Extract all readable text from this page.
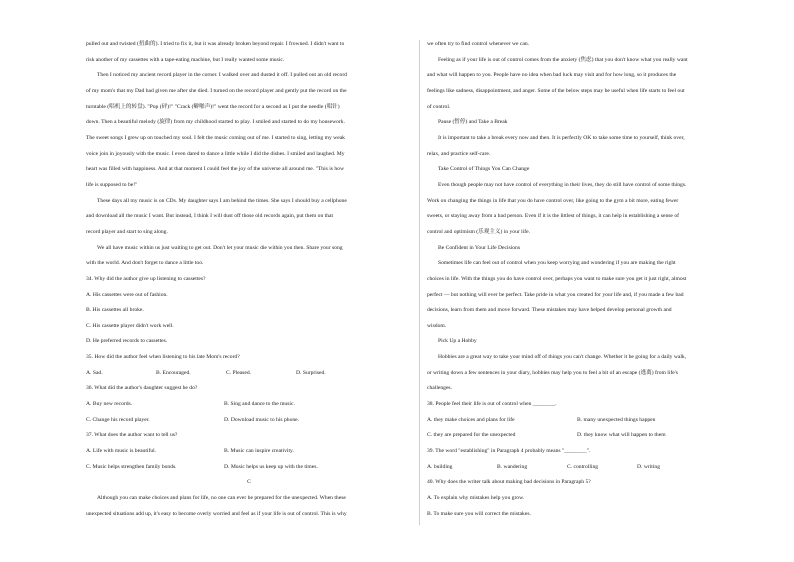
pulled out and twisted (扭曲的). I tried to fix it, but it was already broken beyond repair. I frowned. I didn't want to

risk another of my cassettes with a tape-eating machine, but I really wanted some music.

Then I noticed my ancient record player in the corner. I walked over and dusted it off. I pulled out an old record

of my mom's that my Dad had given me after she died. I turned on the record player and gently put the record on the

turntable (唱机上的转盘). "Pop (砰)!" "Crack (噼啪声)!" went the record for a second as I put the needle (唱针)

down. Then a beautiful melody (旋律) from my childhood started to play. I smiled and started to do my housework.

The sweet songs I grew up on touched my soul. I felt the music coming out of me. I started to sing, letting my weak

voice join in joyously with the music. I even dared to dance a little while I did the dishes. I smiled and laughed. My

heart was filled with happiness. And at that moment I could feel the joy of the universe all around me. "This is how

life is supposed to be!"

These days all my music is on CDs. My daughter says I am behind the times. She says I should buy a cellphone

and download all the music I want. But instead, I think I will dust off those old records again, put them on that

record player and start to sing along.

We all have music within us just waiting to get out. Don't let your music die within you then. Share your song

with the world. And don't forget to dance a little too.

34. Why did the author give up listening to cassettes?

A. His cassettes were out of fashion.

B. His cassettes all broke.

C. His cassette player didn't work well.

D. He preferred records to cassettes.

35. How did the author feel when listening to his late Mom's record?

A. Sad.	B. Encouraged.	C. Pleased.	D. Surprised.

36. What did the author's daughter suggest he do?

A. Buy new records.	B. Sing and dance to the music.
C. Change his record player.	D. Download music to his phone.

37. What does the author want to tell us?

A. Life with music is beautiful.	B. Music can inspire creativity.
C. Music helps strengthen family bonds.	D. Music helps us keep up with the times.

C

Although you can make choices and plans for life, no one can ever be prepared for the unexpected. When these

unexpected situations add up, it's easy to become overly worried and feel as if your life is out of control. This is why

we often try to find control whenever we can.

Feeling as if your life is out of control comes from the anxiety (焦虑) that you don't know what you really want

and what will happen to you. People have no idea when bad luck may visit and for how long, so it produces the

feelings like sadness, disappointment, and anger. Some of the below steps may be useful when life starts to feel out

of control.

Pause (暂停) and Take a Break

It is important to take a break every now and then. It is perfectly OK to take some time to yourself, think over,

relax, and practice self-care.

Take Control of Things You Can Change

Even though people may not have control of everything in their lives, they do still have control of some things.

Work on changing the things in life that you do have control over, like going to the gym a bit more, eating fewer

sweets, or staying away from a bad person. Even if it is the littlest of things, it can help in establishing a sense of

control and optimism (乐观主义) in your life.

Be Confident in Your Life Decisions

Sometimes life can feel out of control when you keep worrying and wondering if you are making the right

choices in life. With the things you do have control over, perhaps you want to make sure you get it just right, almost

perfect — but nothing will ever be perfect. Take pride in what you created for your life and, if you made a few bad

decisions, learn from them and move forward. These mistakes may have helped develop personal growth and

wisdom.

Pick Up a Hobby

Hobbies are a great way to take your mind off of things you can't change. Whether it be going for a daily walk,

or writing down a few sentences in your diary, hobbies may help you to feel a bit of an escape (逃离) from life's

challenges.

38. People feel their life is out of control when ________.

A. they make choices and plans for life	B. many unexpected things happen
C. they are prepared for the unexpected	D. they know what will happen to them

39. The word "establishing" in Paragraph 4 probably means "________".

A. building	B. wandering	C. controlling	D. writing

40. Why does the writer talk about making bad decisions in Paragraph 5?

A. To explain why mistakes help you grow.

B. To make sure you will correct the mistakes.
